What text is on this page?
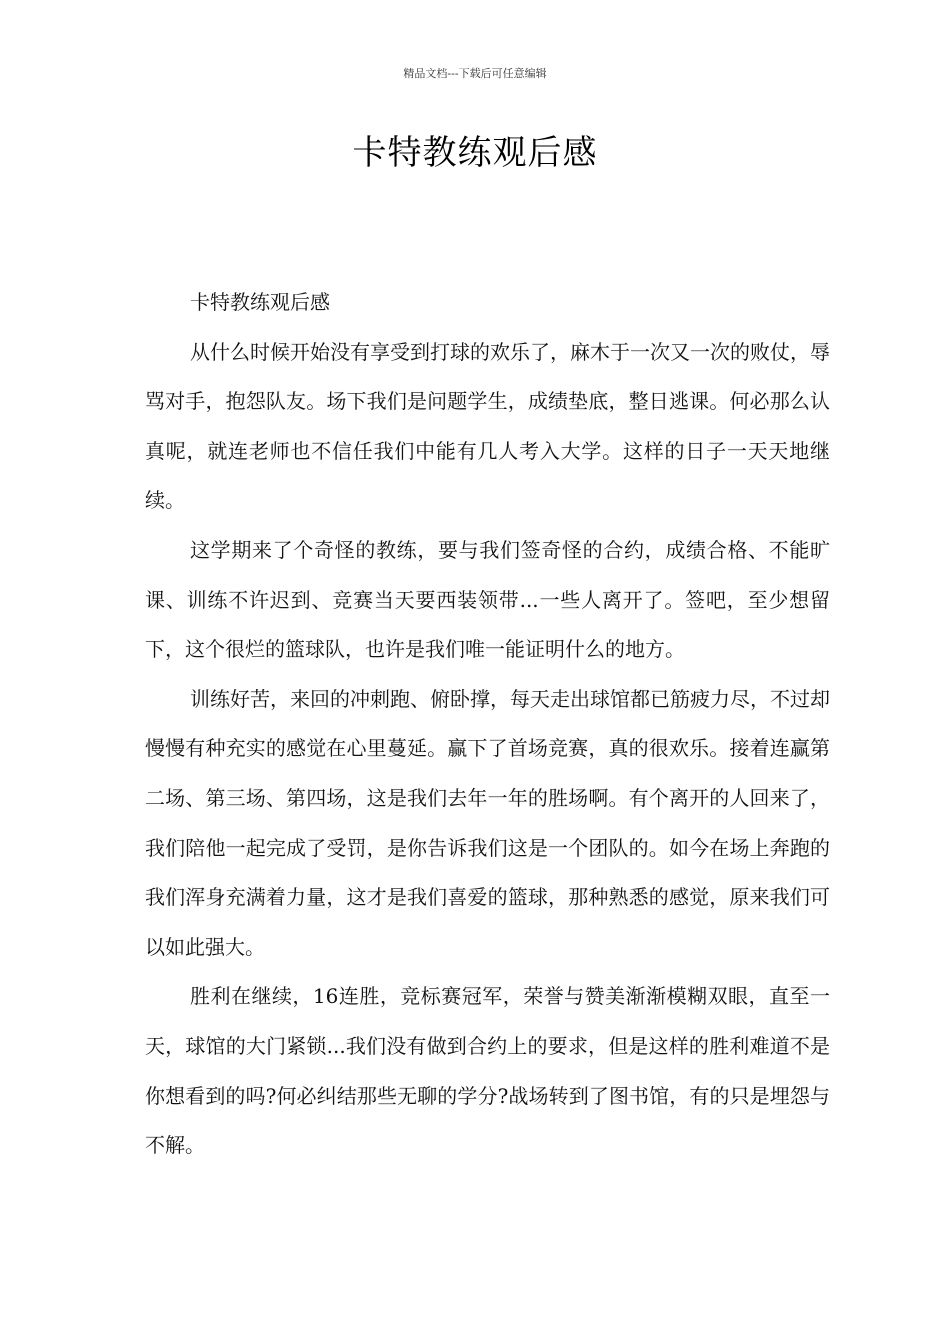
精品文档---下载后可任意编辑
卡特教练观后感

卡特教练观后感

从什么时候开始没有享受到打球的欢乐了，麻木于一次又一次的败仗，辱骂对手，抱怨队友。场下我们是问题学生，成绩垫底，整日逃课。何必那么认真呢，就连老师也不信任我们中能有几人考入大学。这样的日子一天天地继续。

这学期来了个奇怪的教练，要与我们签奇怪的合约，成绩合格、不能旷课、训练不许迟到、竞赛当天要西装领带...一些人离开了。签吧，至少想留下，这个很烂的篮球队，也许是我们唯一能证明什么的地方。

训练好苦，来回的冲刺跑、俯卧撑，每天走出球馆都已筋疲力尽，不过却慢慢有种充实的感觉在心里蔓延。赢下了首场竞赛，真的很欢乐。接着连赢第二场、第三场、第四场，这是我们去年一年的胜场啊。有个离开的人回来了，我们陪他一起完成了受罚，是你告诉我们这是一个团队的。如今在场上奔跑的我们浑身充满着力量，这才是我们喜爱的篮球，那种熟悉的感觉，原来我们可以如此强大。

胜利在继续，16连胜，竞标赛冠军，荣誉与赞美渐渐模糊双眼，直至一天，球馆的大门紧锁...我们没有做到合约上的要求，但是这样的胜利难道不是你想看到的吗?何必纠结那些无聊的学分?战场转到了图书馆，有的只是埋怨与不解。
